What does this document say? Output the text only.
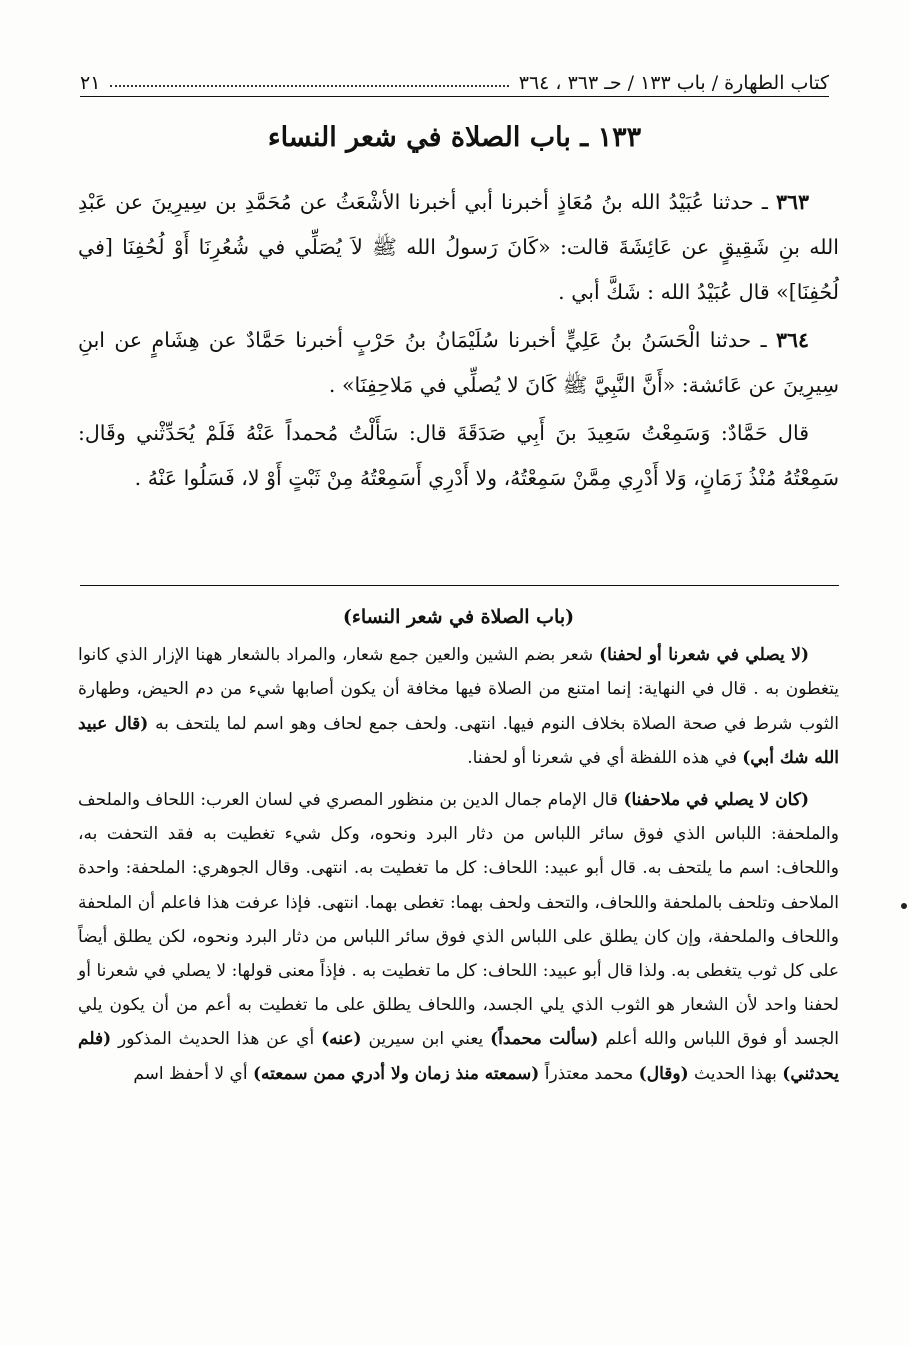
كتاب الطهارة / باب ١٣٣ / حـ ٣٦٣ ، ٣٦٤
٢١
١٣٣ ـ باب الصلاة في شعر النساء

٣٦٣ ـ حدثنا عُبَيْدُ الله بنُ مُعَاذٍ أخبرنا أبي أخبرنا الأشْعَثُ عن مُحَمَّدِ بن سِيرِينَ عن عَبْدِ الله بنِ شَقِيقٍ عن عَائِشَةَ قالت: «كَانَ رَسولُ الله ﷺ لاَ يُصَلِّي في شُعُرِنَا أَوْ لُحُفِنَا [في لُحُفِنَا]» قال عُبَيْدُ الله : شَكَّ أبي .

٣٦٤ ـ حدثنا الْحَسَنُ بنُ عَلِيٍّ أخبرنا سُلَيْمَانُ بنُ حَرْبٍ أخبرنا حَمَّادٌ عن هِشَامٍ عن ابنِ سِيرِينَ عن عَائشة: «أَنَّ النَّبِيَّ ﷺ كَانَ لا يُصلِّي في مَلاحِفِنَا» .

قال حَمَّادٌ: وَسَمِعْتُ سَعِيدَ بنَ أَبِي صَدَقَةَ قال: سَأَلْتُ مُحمداً عَنْهُ فَلَمْ يُحَدِّثْني وقَال: سَمِعْتُهُ مُنْذُ زَمَانٍ، وَلا أَدْرِي مِمَّنْ سَمِعْتُهُ، ولا أَدْرِي أَسَمِعْتُهُ مِنْ ثَبْتٍ أَوْ لا، فَسَلُوا عَنْهُ .

(باب الصلاة في شعر النساء)

(لا يصلي في شعرنا أو لحفنا) شعر بضم الشين والعين جمع شعار، والمراد بالشعار ههنا الإزار الذي كانوا يتغطون به . قال في النهاية: إنما امتنع من الصلاة فيها مخافة أن يكون أصابها شيء من دم الحيض، وطهارة الثوب شرط في صحة الصلاة بخلاف النوم فيها. انتهى. ولحف جمع لحاف وهو اسم لما يلتحف به (قال عبيد الله شك أبي) في هذه اللفظة أي في شعرنا أو لحفنا.

(كان لا يصلي في ملاحفنا) قال الإمام جمال الدين بن منظور المصري في لسان العرب: اللحاف والملحف والملحفة: اللباس الذي فوق سائر اللباس من دثار البرد ونحوه، وكل شيء تغطيت به فقد التحفت به، واللحاف: اسم ما يلتحف به. قال أبو عبيد: اللحاف: كل ما تغطيت به. انتهى. وقال الجوهري: الملحفة: واحدة الملاحف وتلحف بالملحفة واللحاف، والتحف ولحف بهما: تغطى بهما. انتهى. فإذا عرفت هذا فاعلم أن الملحفة واللحاف والملحفة، وإن كان يطلق على اللباس الذي فوق سائر اللباس من دثار البرد ونحوه، لكن يطلق أيضاً على كل ثوب يتغطى به. ولذا قال أبو عبيد: اللحاف: كل ما تغطيت به . فإذاً معنى قولها: لا يصلي في شعرنا أو لحفنا واحد لأن الشعار هو الثوب الذي يلي الجسد، واللحاف يطلق على ما تغطيت به أعم من أن يكون يلي الجسد أو فوق اللباس والله أعلم (سألت محمداً) يعني ابن سيرين (عنه) أي عن هذا الحديث المذكور (فلم يحدثني) بهذا الحديث (وقال) محمد معتذراً (سمعته منذ زمان ولا أدري ممن سمعته) أي لا أحفظ اسم
